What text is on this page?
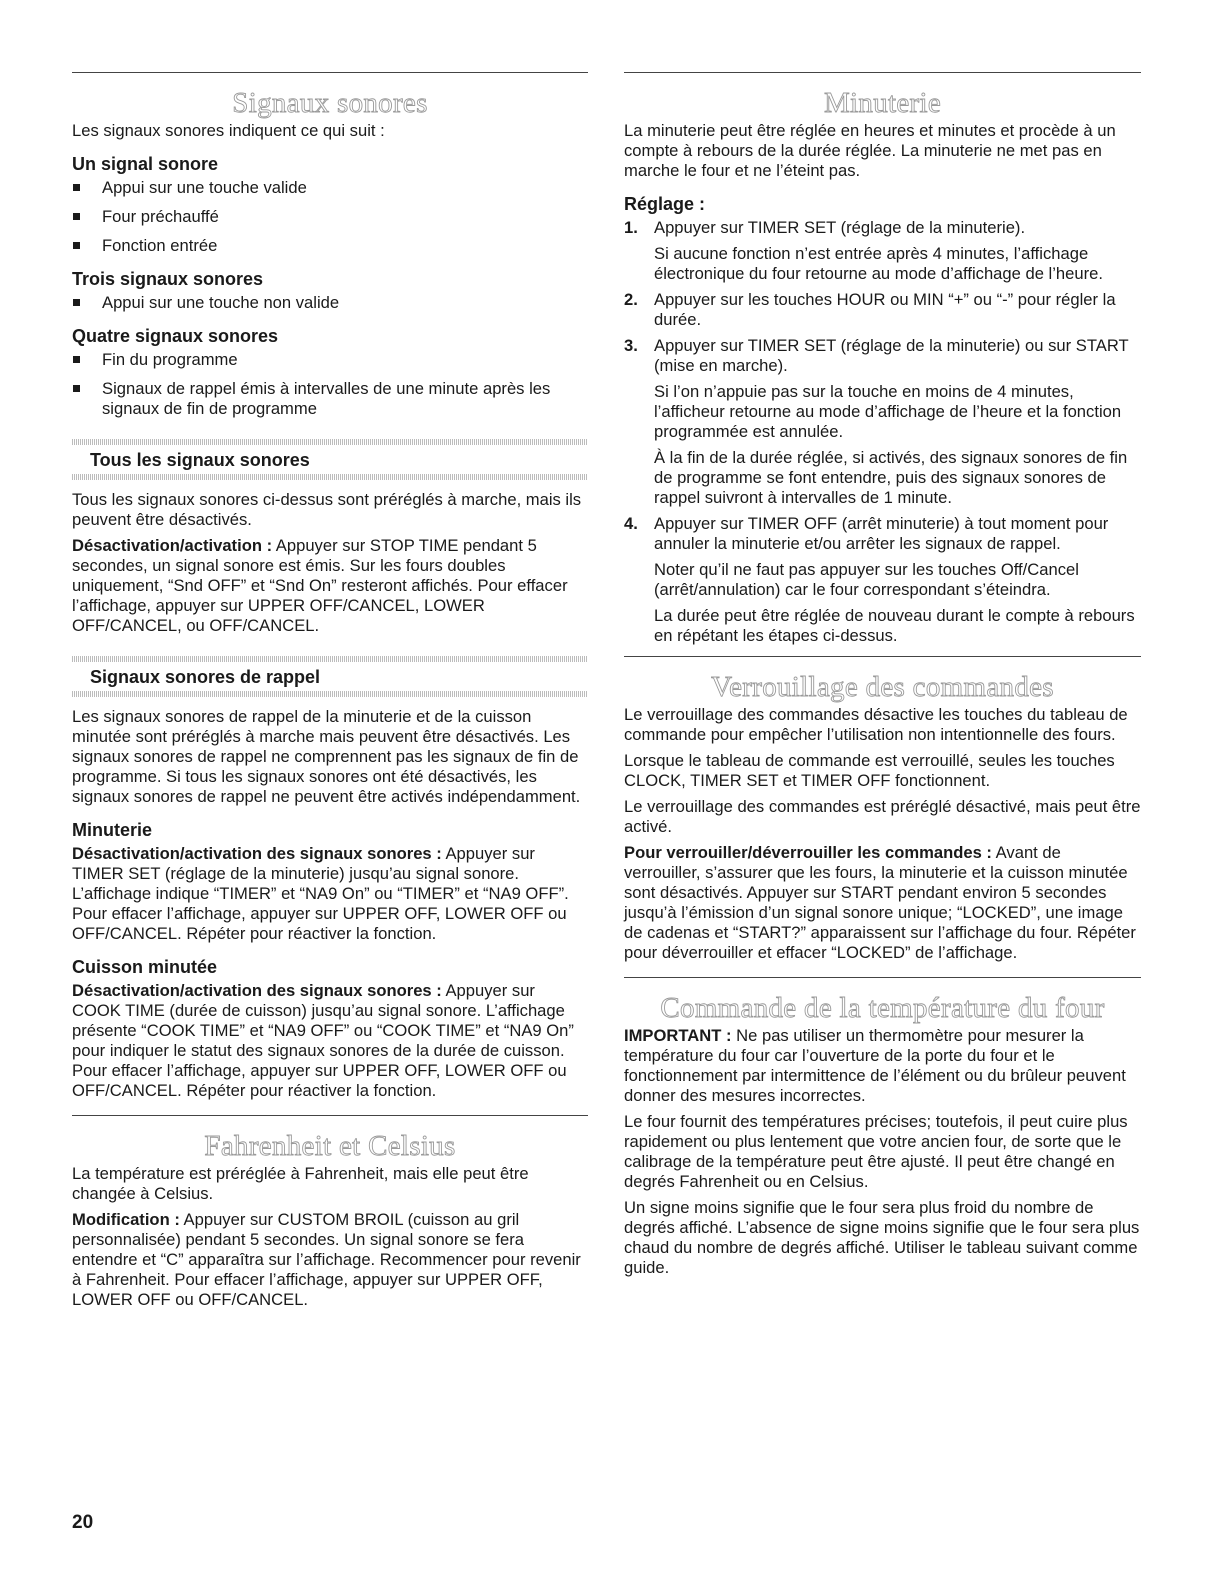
Signaux sonores

Les signaux sonores indiquent ce qui suit :

Un signal sonore
Appui sur une touche valide
Four préchauffé
Fonction entrée
Trois signaux sonores
Appui sur une touche non valide
Quatre signaux sonores
Fin du programme
Signaux de rappel émis à intervalles de une minute après les signaux de fin de programme
Tous les signaux sonores

Tous les signaux sonores ci-dessus sont préréglés à marche, mais ils peuvent être désactivés.

Désactivation/activation : Appuyer sur STOP TIME pendant 5 secondes, un signal sonore est émis. Sur les fours doubles uniquement, “Snd OFF” et “Snd On” resteront affichés. Pour effacer l’affichage, appuyer sur UPPER OFF/CANCEL, LOWER OFF/CANCEL, ou OFF/CANCEL.

Signaux sonores de rappel

Les signaux sonores de rappel de la minuterie et de la cuisson minutée sont préréglés à marche mais peuvent être désactivés. Les signaux sonores de rappel ne comprennent pas les signaux de fin de programme. Si tous les signaux sonores ont été désactivés, les signaux sonores de rappel ne peuvent être activés indépendamment.

Minuterie

Désactivation/activation des signaux sonores : Appuyer sur TIMER SET (réglage de la minuterie) jusqu’au signal sonore. L’affichage indique “TIMER” et “NA9 On” ou “TIMER” et “NA9 OFF”. Pour effacer l’affichage, appuyer sur UPPER OFF, LOWER OFF ou OFF/CANCEL. Répéter pour réactiver la fonction.

Cuisson minutée

Désactivation/activation des signaux sonores : Appuyer sur COOK TIME (durée de cuisson) jusqu’au signal sonore. L’affichage présente “COOK TIME” et “NA9 OFF” ou “COOK TIME” et “NA9 On” pour indiquer le statut des signaux sonores de la durée de cuisson. Pour effacer l’affichage, appuyer sur UPPER OFF, LOWER OFF ou OFF/CANCEL. Répéter pour réactiver la fonction.

Fahrenheit et Celsius

La température est préréglée à Fahrenheit, mais elle peut être changée à Celsius.

Modification : Appuyer sur CUSTOM BROIL (cuisson au gril personnalisée) pendant 5 secondes. Un signal sonore se fera entendre et “C” apparaîtra sur l’affichage. Recommencer pour revenir à Fahrenheit. Pour effacer l’affichage, appuyer sur UPPER OFF, LOWER OFF ou OFF/CANCEL.

Minuterie

La minuterie peut être réglée en heures et minutes et procède à un compte à rebours de la durée réglée. La minuterie ne met pas en marche le four et ne l’éteint pas.

Réglage :
1. Appuyer sur TIMER SET (réglage de la minuterie).

Si aucune fonction n’est entrée après 4 minutes, l’affichage électronique du four retourne au mode d’affichage de l’heure.

2. Appuyer sur les touches HOUR ou MIN “+” ou “-” pour régler la durée.

3. Appuyer sur TIMER SET (réglage de la minuterie) ou sur START (mise en marche).

Si l’on n’appuie pas sur la touche en moins de 4 minutes, l’afficheur retourne au mode d’affichage de l’heure et la fonction programmée est annulée.

À la fin de la durée réglée, si activés, des signaux sonores de fin de programme se font entendre, puis des signaux sonores de rappel suivront à intervalles de 1 minute.

4. Appuyer sur TIMER OFF (arrêt minuterie) à tout moment pour annuler la minuterie et/ou arrêter les signaux de rappel.

Noter qu’il ne faut pas appuyer sur les touches Off/Cancel (arrêt/annulation) car le four correspondant s’éteindra.

La durée peut être réglée de nouveau durant le compte à rebours en répétant les étapes ci-dessus.

Verrouillage des commandes

Le verrouillage des commandes désactive les touches du tableau de commande pour empêcher l’utilisation non intentionnelle des fours.

Lorsque le tableau de commande est verrouillé, seules les touches CLOCK, TIMER SET et TIMER OFF fonctionnent.

Le verrouillage des commandes est préréglé désactivé, mais peut être activé.

Pour verrouiller/déverrouiller les commandes : Avant de verrouiller, s’assurer que les fours, la minuterie et la cuisson minutée sont désactivés. Appuyer sur START pendant environ 5 secondes jusqu’à l’émission d’un signal sonore unique; “LOCKED”, une image de cadenas et “START?” apparaissent sur l’affichage du four. Répéter pour déverrouiller et effacer “LOCKED” de l’affichage.

Commande de la température du four

IMPORTANT : Ne pas utiliser un thermomètre pour mesurer la température du four car l’ouverture de la porte du four et le fonctionnement par intermittence de l’élément ou du brûleur peuvent donner des mesures incorrectes.

Le four fournit des températures précises; toutefois, il peut cuire plus rapidement ou plus lentement que votre ancien four, de sorte que le calibrage de la température peut être ajusté. Il peut être changé en degrés Fahrenheit ou en Celsius.

Un signe moins signifie que le four sera plus froid du nombre de degrés affiché. L’absence de signe moins signifie que le four sera plus chaud du nombre de degrés affiché. Utiliser le tableau suivant comme guide.

20
